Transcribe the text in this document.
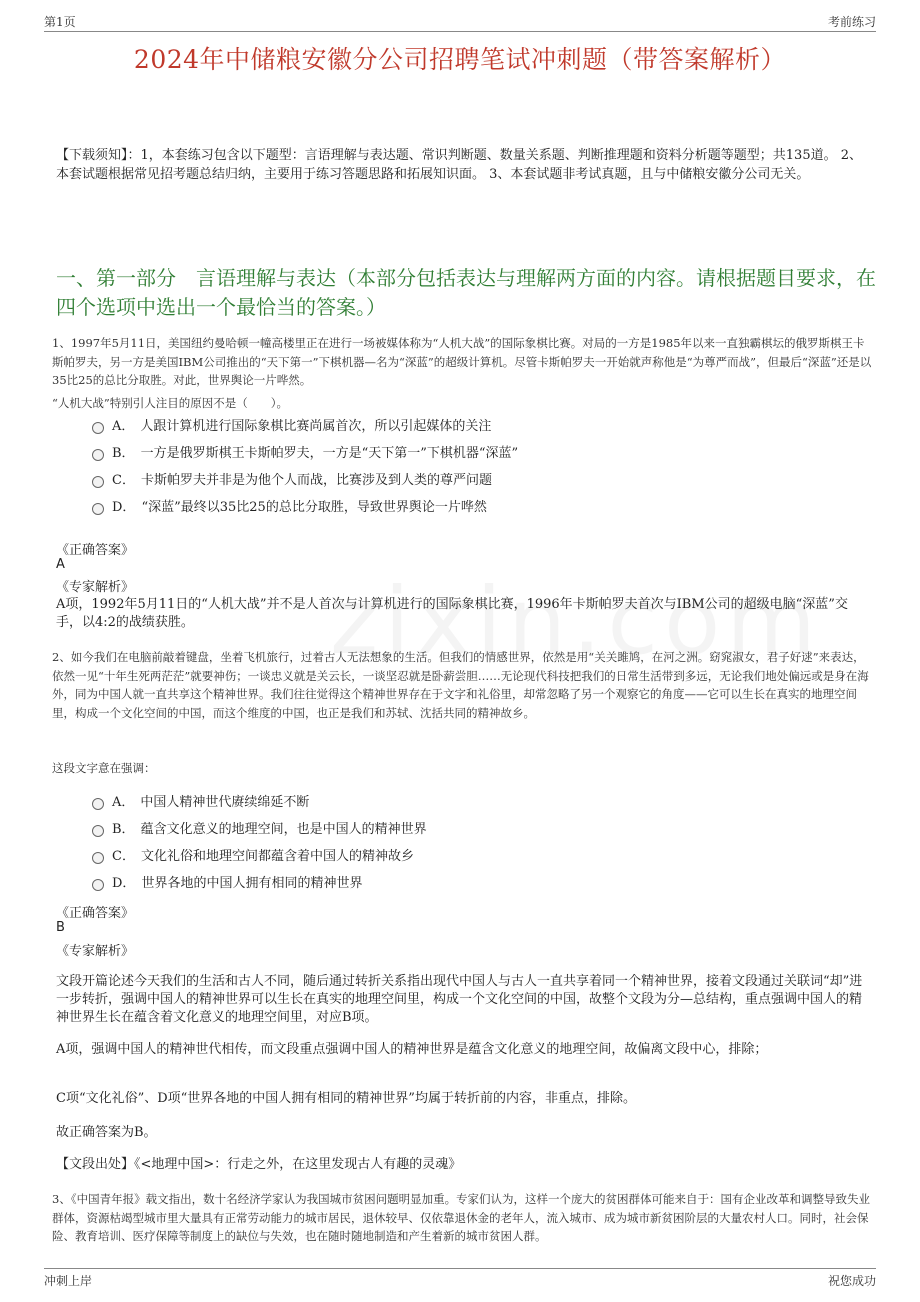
第1页	考前练习
2024年中储粮安徽分公司招聘笔试冲刺题（带答案解析）
【下载须知】：1，本套练习包含以下题型：言语理解与表达题、常识判断题、数量关系题、判断推理题和资料分析题等题型；共135道。 2、本套试题根据常见招考题总结归纳，主要用于练习答题思路和拓展知识面。 3、本套试题非考试真题，且与中储粮安徽分公司无关。
一、第一部分　言语理解与表达（本部分包括表达与理解两方面的内容。请根据题目要求，在四个选项中选出一个最恰当的答案。）
1、1997年5月11日，美国纽约曼哈顿一幢高楼里正在进行一场被媒体称为“人机大战”的国际象棋比赛。对局的一方是1985年以来一直独霸棋坛的俄罗斯棋王卡斯帕罗夫，另一方是美国IBM公司推出的“天下第一”下棋机器—名为“深蓝”的超级计算机。尽管卡斯帕罗夫一开始就声称他是“为尊严而战”，但最后“深蓝”还是以35比25的总比分取胜。对此，世界舆论一片哗然。
“人机大战”特别引人注目的原因不是（　　）。
A． 人跟计算机进行国际象棋比赛尚属首次，所以引起媒体的关注
B． 一方是俄罗斯棋王卡斯帕罗夫，一方是“天下第一”下棋机器“深蓝”
C． 卡斯帕罗夫并非是为他个人而战，比赛涉及到人类的尊严问题
D． “深蓝”最终以35比25的总比分取胜，导致世界舆论一片哗然
《正确答案》
A
《专家解析》
A项，1992年5月11日的“人机大战”并不是人首次与计算机进行的国际象棋比赛，1996年卡斯帕罗夫首次与IBM公司的超级电脑“深蓝”交手，以4:2的战绩获胜。
2、如今我们在电脑前敲着键盘，坐着飞机旅行，过着古人无法想象的生活。但我们的情感世界，依然是用“关关雎鸠，在河之洲。窈窕淑女，君子好逑”来表达，依然一见“十年生死两茫茫”就要神伤；一谈忠义就是关云长，一谈坚忍就是卧薪尝胆……无论现代科技把我们的日常生活带到多远，无论我们地处偏远或是身在海外，同为中国人就一直共享这个精神世界。我们往往觉得这个精神世界存在于文字和礼俗里，却常忽略了另一个观察它的角度——它可以生长在真实的地理空间里，构成一个文化空间的中国，而这个维度的中国，也正是我们和苏轼、沈括共同的精神故乡。
这段文字意在强调：
A． 中国人精神世代赓续绵延不断
B． 蕴含文化意义的地理空间，也是中国人的精神世界
C． 文化礼俗和地理空间都蕴含着中国人的精神故乡
D． 世界各地的中国人拥有相同的精神世界
《正确答案》
B
《专家解析》
文段开篇论述今天我们的生活和古人不同，随后通过转折关系指出现代中国人与古人一直共享着同一个精神世界，接着文段通过关联词“却”进一步转折，强调中国人的精神世界可以生长在真实的地理空间里，构成一个文化空间的中国，故整个文段为分—总结构，重点强调中国人的精神世界生长在蕴含着文化意义的地理空间里，对应B项。
A项，强调中国人的精神世代相传，而文段重点强调中国人的精神世界是蕴含文化意义的地理空间，故偏离文段中心，排除；
C项“文化礼俗”、D项“世界各地的中国人拥有相同的精神世界”均属于转折前的内容，非重点，排除。
故正确答案为B。
【文段出处】《<地理中国>：行走之外，在这里发现古人有趣的灵魂》
3、《中国青年报》载文指出，数十名经济学家认为我国城市贫困问题明显加重。专家们认为，这样一个庞大的贫困群体可能来自于：国有企业改革和调整导致失业群体，资源枯竭型城市里大量具有正常劳动能力的城市居民，退休较早、仅依靠退休金的老年人，流入城市、成为城市新贫困阶层的大量农村人口。同时，社会保险、教育培训、医疗保障等制度上的缺位与失效，也在随时随地制造和产生着新的城市贫困人群。
冲刺上岸	祝您成功
